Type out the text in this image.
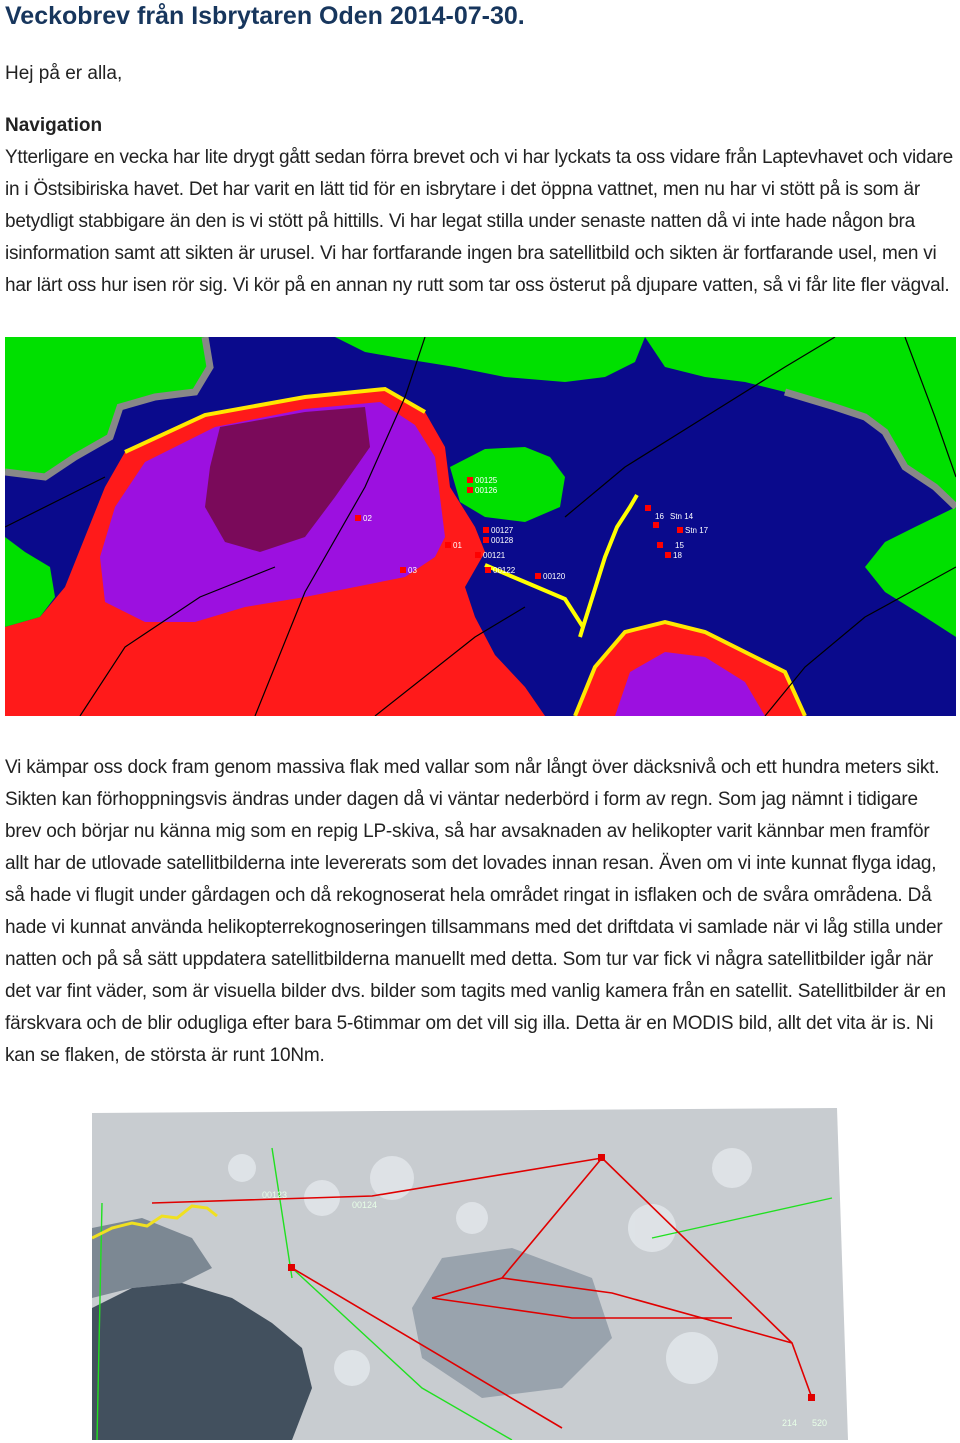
Veckobrev från Isbrytaren Oden 2014-07-30.

Hej på er alla,

Navigation

Ytterligare en vecka har lite drygt gått sedan förra brevet och vi har lyckats ta oss vidare från Laptevhavet och vidare in i Östsibiriska havet. Det har varit en lätt tid för en isbrytare i det öppna vattnet, men nu har vi stött på is som är betydligt stabbigare än den is vi stött på hittills. Vi har legat stilla under senaste natten då vi inte hade någon bra isinformation samt att sikten är urusel. Vi har fortfarande ingen bra satellitbild och sikten är fortfarande usel, men vi har lärt oss hur isen rör sig. Vi kör på en annan ny rutt som tar oss österut på djupare vatten, så vi får lite fler vägval.

00125
00126
00127
00128
00121
00122
00120
01
02
03
Stn 14
Stn 17
15
16
18

Vi kämpar oss dock fram genom massiva flak med vallar som når långt över däcksnivå och ett hundra meters sikt. Sikten kan förhoppningsvis ändras under dagen då vi väntar nederbörd i form av regn. Som jag nämnt i tidigare brev och börjar nu känna mig som en repig LP-skiva, så har avsaknaden av helikopter varit kännbar men framför allt har de utlovade satellitbilderna inte levererats som det lovades innan resan. Även om vi inte kunnat flyga idag, så hade vi flugit under gårdagen och då rekognoserat hela området ringat in isflaken och de svåra områdena. Då hade vi kunnat använda helikopterrekognoseringen tillsammans med det driftdata vi samlade när vi låg stilla under natten och på så sätt uppdatera satellitbilderna manuellt med detta. Som tur var fick vi några satellitbilder igår när det var fint väder, som är visuella bilder dvs. bilder som tagits med vanlig kamera från en satellit. Satellitbilder är en färskvara och de blir odugliga efter bara 5-6timmar om det vill sig illa. Detta är en MODIS bild, allt det vita är is. Ni kan se flaken, de största är runt 10Nm.

00123
00124
214 520
